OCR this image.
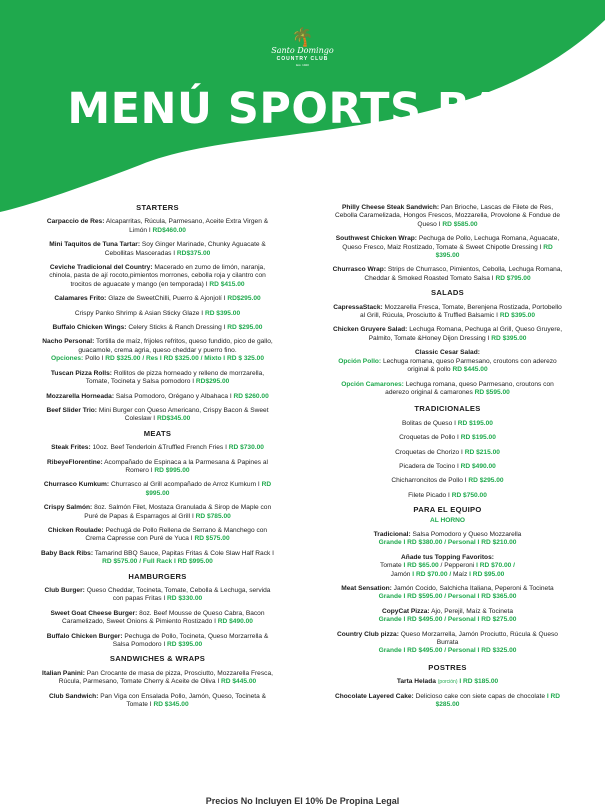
🌴
Santo Domingo
COUNTRY CLUB
Est. 1920
MENÚ SPORTS BAR
STARTERS
Carpaccio de Res: Alcaparritas, Rúcula, Parmesano, Aceite Extra Virgen & Limón I RD$460.00
Mini Taquitos de Tuna Tartar: Soy Ginger Marinade, Chunky Aguacate & Cebollitas Masceradas I RD$375.00
Ceviche Tradicional del Country: Macerado en zumo de limón, naranja, chinola, pasta de ají rocoto,pimientos morrones, cebolla roja y cilantro con trocitos de aguacate y mango (en temporada) I RD $415.00
Calamares Frito: Glaze de SweetChilli, Puerro & Ajonjolí I RD$295.00
Crispy Panko Shrimp & Asian Sticky Glaze I RD $395.00
Buffalo Chicken Wings: Celery Sticks & Ranch Dressing I RD $295.00
Nacho Personal: Tortilla de maíz, frijoles refritos, queso fundido, pico de gallo, guacamole, crema agria, queso cheddar y puerro fino.
Opciones: Pollo I RD $325.00 / Res I RD $325.00 / Mixto I RD $ 325.00
Tuscan Pizza Rolls: Rollitos de pizza horneado y relleno de morrzarella, Tomate, Tocineta y Salsa pomodoro I RD$295.00
Mozzarella Horneada: Salsa Pomodoro, Orégano y Albahaca I RD $260.00
Beef Slider Trio: Mini Burger con Queso Americano, Crispy Bacon & Sweet Coleslaw I RD$345.00
MEATS
Steak Frites: 10oz. Beef Tenderloin &Truffled French Fries I RD $730.00
RibeyeFlorentine: Acompañado de Espinaca a la Parmesana & Papines al Romero I RD $995.00
Churrasco Kumkum: Churrasco al Grill acompañado de Arroz Kumkum I RD $995.00
Crispy Salmón: 8oz. Salmón Filet, Mostaza Granulada & Sirop de Maple con Puré de Papas & Esparragos al Grill I RD $785.00
Chicken Roulade: Pechugá de Pollo Rellena de Serrano & Manchego con Crema Capresse con Puré de Yuca I RD $575.00
Baby Back Ribs: Tamarind BBQ Sauce, Papitas Fritas & Cole Slaw Half Rack I RD $575.00 / Full Rack I RD $995.00
HAMBURGERS
Club Burger: Queso Cheddar, Tocineta, Tomate, Cebolla & Lechuga, servida con papas Fritas I RD $330.00
Sweet Goat Cheese Burger: 8oz. Beef Mousse de Queso Cabra, Bacon Caramelizado, Sweet Onions & Pimiento Rostizado I RD $490.00
Buffalo Chicken Burger: Pechuga de Pollo, Tocineta, Queso Morzarrella & Salsa Pomodoro I RD $395.00
SANDWICHES & WRAPS
Italian Panini: Pan Crocante de masa de pizza, Prosciutto, Mozzarella Fresca, Rúcula, Parmesano, Tomate Cherry & Aceite de Oliva I RD $445.00
Club Sandwich: Pan Viga con Ensalada Pollo, Jamón, Queso, Tocineta & Tomate I RD $345.00
Philly Cheese Steak Sandwich: Pan Brioche, Lascas de Filete de Res, Cebolla Caramelizada, Hongos Frescos, Mozzarella, Provolone & Fondue de Queso I RD $585.00
Southwest Chicken Wrap: Pechuga de Pollo, Lechuga Romana, Aguacate, Queso Fresco, Maiz Rostizado, Tomate & Sweet Chipotle Dressing I RD $395.00
Churrasco Wrap: Strips de Churrasco, Pimientos, Cebolla, Lechuga Romana, Cheddar & Smoked Roasted Tomato Salsa I RD $795.00
SALADS
CapressaStack: Mozzarella Fresca, Tomate, Berenjena Rostizada, Portobello al Grill, Rúcula, Prosciutto & Truffled Balsamic I RD $395.00
Chicken Gruyere Salad: Lechuga Romana, Pechuga al Grill, Queso Gruyere, Palmito, Tomate &Honey Dijon Dressing I RD $395.00
Classic Cesar Salad:
Opción Pollo: Lechuga romana, queso Parmesano, croutons con aderezo original & pollo RD $445.00
Opción Camarones: Lechuga romana, queso Parmesano, croutons con aderezo original & camarones RD $595.00
TRADICIONALES
Bolitas de Queso I RD $195.00
Croquetas de Pollo I RD $195.00
Croquetas de Chorizo I RD $215.00
Picadera de Tocino I RD $490.00
Chicharroncitos de Pollo I RD $295.00
Filete Picado I RD $750.00
PARA EL EQUIPO
AL HORNO
Tradicional: Salsa Pomodoro y Queso Mozzarella
Grande I RD $380.00 / Personal I RD $210.00
Añade tus Topping Favoritos:
Tomate I RD $65.00 / Pepperoni I RD $70.00 /
Jamón I RD $70.00 / Maíz I RD $95.00
Meat Sensation: Jamón Cocido, Salchicha Italiana, Peperoni & Tocineta
Grande I RD $595.00 / Personal I RD $365.00
CopyCat Pizza: Ajo, Perejil, Maíz & Tocineta
Grande I RD $495.00 / Personal I RD $275.00
Country Club pizza: Queso Morzarrella, Jamón Prociutto, Rúcula & Queso Burrata
Grande I RD $495.00 / Personal I RD $325.00
POSTRES
Tarta Helada (porción) I RD $185.00
Chocolate Layered Cake: Delicioso cake con siete capas de chocolate I RD $285.00
Precios No Incluyen El 10% De Propina Legal
